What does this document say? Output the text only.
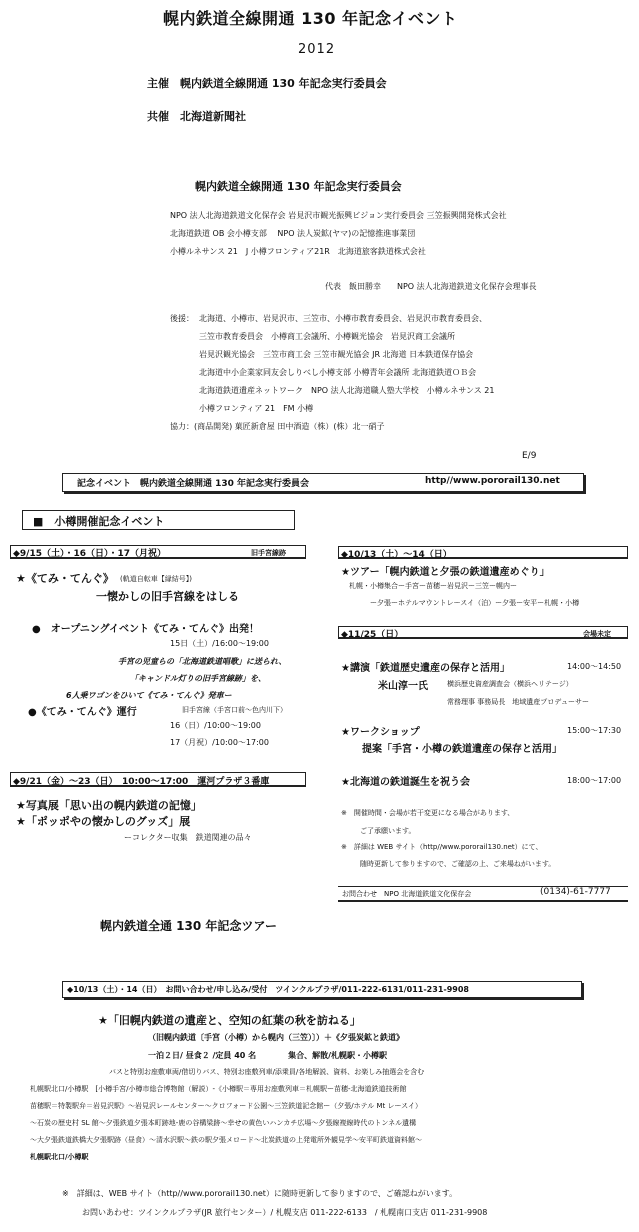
幌内鉄道全線開通 130 年記念イベント
2012
主催　幌内鉄道全線開通 130 年記念実行委員会
共催　北海道新聞社
幌内鉄道全線開通 130 年記念実行委員会
NPO 法人北海道鉄道文化保存会 岩見沢市観光振興ビジョン実行委員会 三笠振興開発株式会社
北海道鉄道 OB 会小樽支部　 NPO 法人炭鉱(ヤマ)の記憶推進事業団
小樽ルネサンス 21　J 小樽フロンティア21R　北海道旅客鉄道株式会社
代表　飯田勝幸　　NPO 法人北海道鉄道文化保存会理事長
後援： 北海道、小樽市、岩見沢市、三笠市、小樽市教育委員会、岩見沢市教育委員会、
三笠市教育委員会　小樽商工会議所、小樽観光協会　岩見沢商工会議所
岩見沢観光協会　三笠市商工会 三笠市観光協会 JR 北海道 日本鉄道保存協会
北海道中小企業家同友会しりべし小樽支部 小樽青年会議所 北海道鉄道ＯＢ会
北海道鉄道遺産ネットワーク　NPO 法人北海道職人塾大学校　小樽ルネサンス 21
小樽フロンティア 21　FM 小樽
協力：(商品開発) 菓匠新倉屋 田中酒造（株）(株）北一硝子
E/9
記念イベント　幌内鉄道全線開通 130 年記念実行委員会	http//www.pororail130.net
■　小樽開催記念イベント
◆9/15（土）・16（日）・17（月祝）	旧手宮線跡
★《てみ・てんぐ》 (軌道自転車【縁結号】)
一懐かしの旧手宮線をはしる
●　オープニングイベント《てみ・てんぐ》出発！
15日（土）/16:00～19:00
手宮の児童らの「北海道鉄道唱歌」に送られ、
「キャンドル灯りの旧手宮線跡」を、
6人乗ワゴンをひいて《てみ・てんぐ》発車ー
●《てみ・てんぐ》運行	旧手宮線（手宮口前～色内川下）
16（日）/10:00～19:00
17（月祝）/10:00～17:00
◆9/21（金）～23（日）　10:00～17:00　運河プラザ３番庫
★写真展「思い出の幌内鉄道の記憶」
★「ポッポやの懐かしのグッズ」展
ーコレクター収集　鉄道関連の品々
◆10/13（土）～14（日）
★ツアー「幌内鉄道と夕張の鉄道遺産めぐり」
札幌・小樽集合ー手宮ー苗穂ー岩見沢ー三笠ー幌内ー
ー夕張ーホテルマウントレースイ（泊）ー夕張ー安平ー札幌・小樽
◆11/25（日）	会場未定
★講演「鉄道歴史遺産の保存と活用」	14:00～14:50
米山淳一氏	横浜歴史資産調査会（横浜ヘリテージ）
常務理事 事務局長　地域遺産プロデューサー
★ワークショップ	15:00～17:30
提案「手宮・小樽の鉄道遺産の保存と活用」
★北海道の鉄道誕生を祝う会	18:00～17:00
※　開催時間・会場が若干変更になる場合があります、
ご了承願います。
※　詳細は WEB サイト（http//www.pororail130.net）にて、
随時更新して参りますので、ご確認の上、ご来場ねがいます。
お問合わせ　NPO 北海道鉄道文化保存会	(0134)-61-7777
幌内鉄道全通 130 年記念ツアー
◆10/13（土）・14（日）　お問い合わせ/申し込み/受付　ツインクルプラザ/011-222-6131/011-231-9908
★「旧幌内鉄道の遺産と、空知の紅葉の秋を訪ねる」
（旧幌内鉄道〔手宮（小樽）から幌内（三笠）〕）＋《夕張炭鉱と鉄道》
一泊２日/ 昼食２ /定員 40 名　　　　集合、解散/札幌駅・小樽駅
バスと特別お座敷車両/借切りバス、特別お座敷列車/添乗員/各地解説、資料、お楽しみ抽選会を含む
札幌駅北口/小樽駅　[小樽手宮/小樽市総合博物館（解説）-《小樽駅＝専用お座敷列車＝札幌駅ー苗穂-北海道鉄道技術館
苗穂駅＝特製駅弁＝岩見沢駅》～岩見沢レールセンター～クロフォード公園～三笠鉄道記念館ー（夕張/ホテル Mt レースイ）
～石炭の歴史村 SL 館～夕張鉄道夕張本町跡地-鹿の谷構梁跡～幸せの黄色いハンカチ広場～夕張線複線時代のトンネル遺構
～大夕張鉄道鉄橋大夕張駅跡（昼食）～清水沢駅～鉄の駅夕張メロード～北炭鉄道の上発電所外観見学～安平町鉄道資料館～
札幌駅北口/小樽駅
※　詳細は、WEB サイト（http//www.pororail130.net）に随時更新して参りますので、ご確認ねがいます。
お問いあわせ：ツインクルプラザ(JR 旅行センター）/ 札幌支店 011-222-6133　/ 札幌南口支店 011-231-9908
